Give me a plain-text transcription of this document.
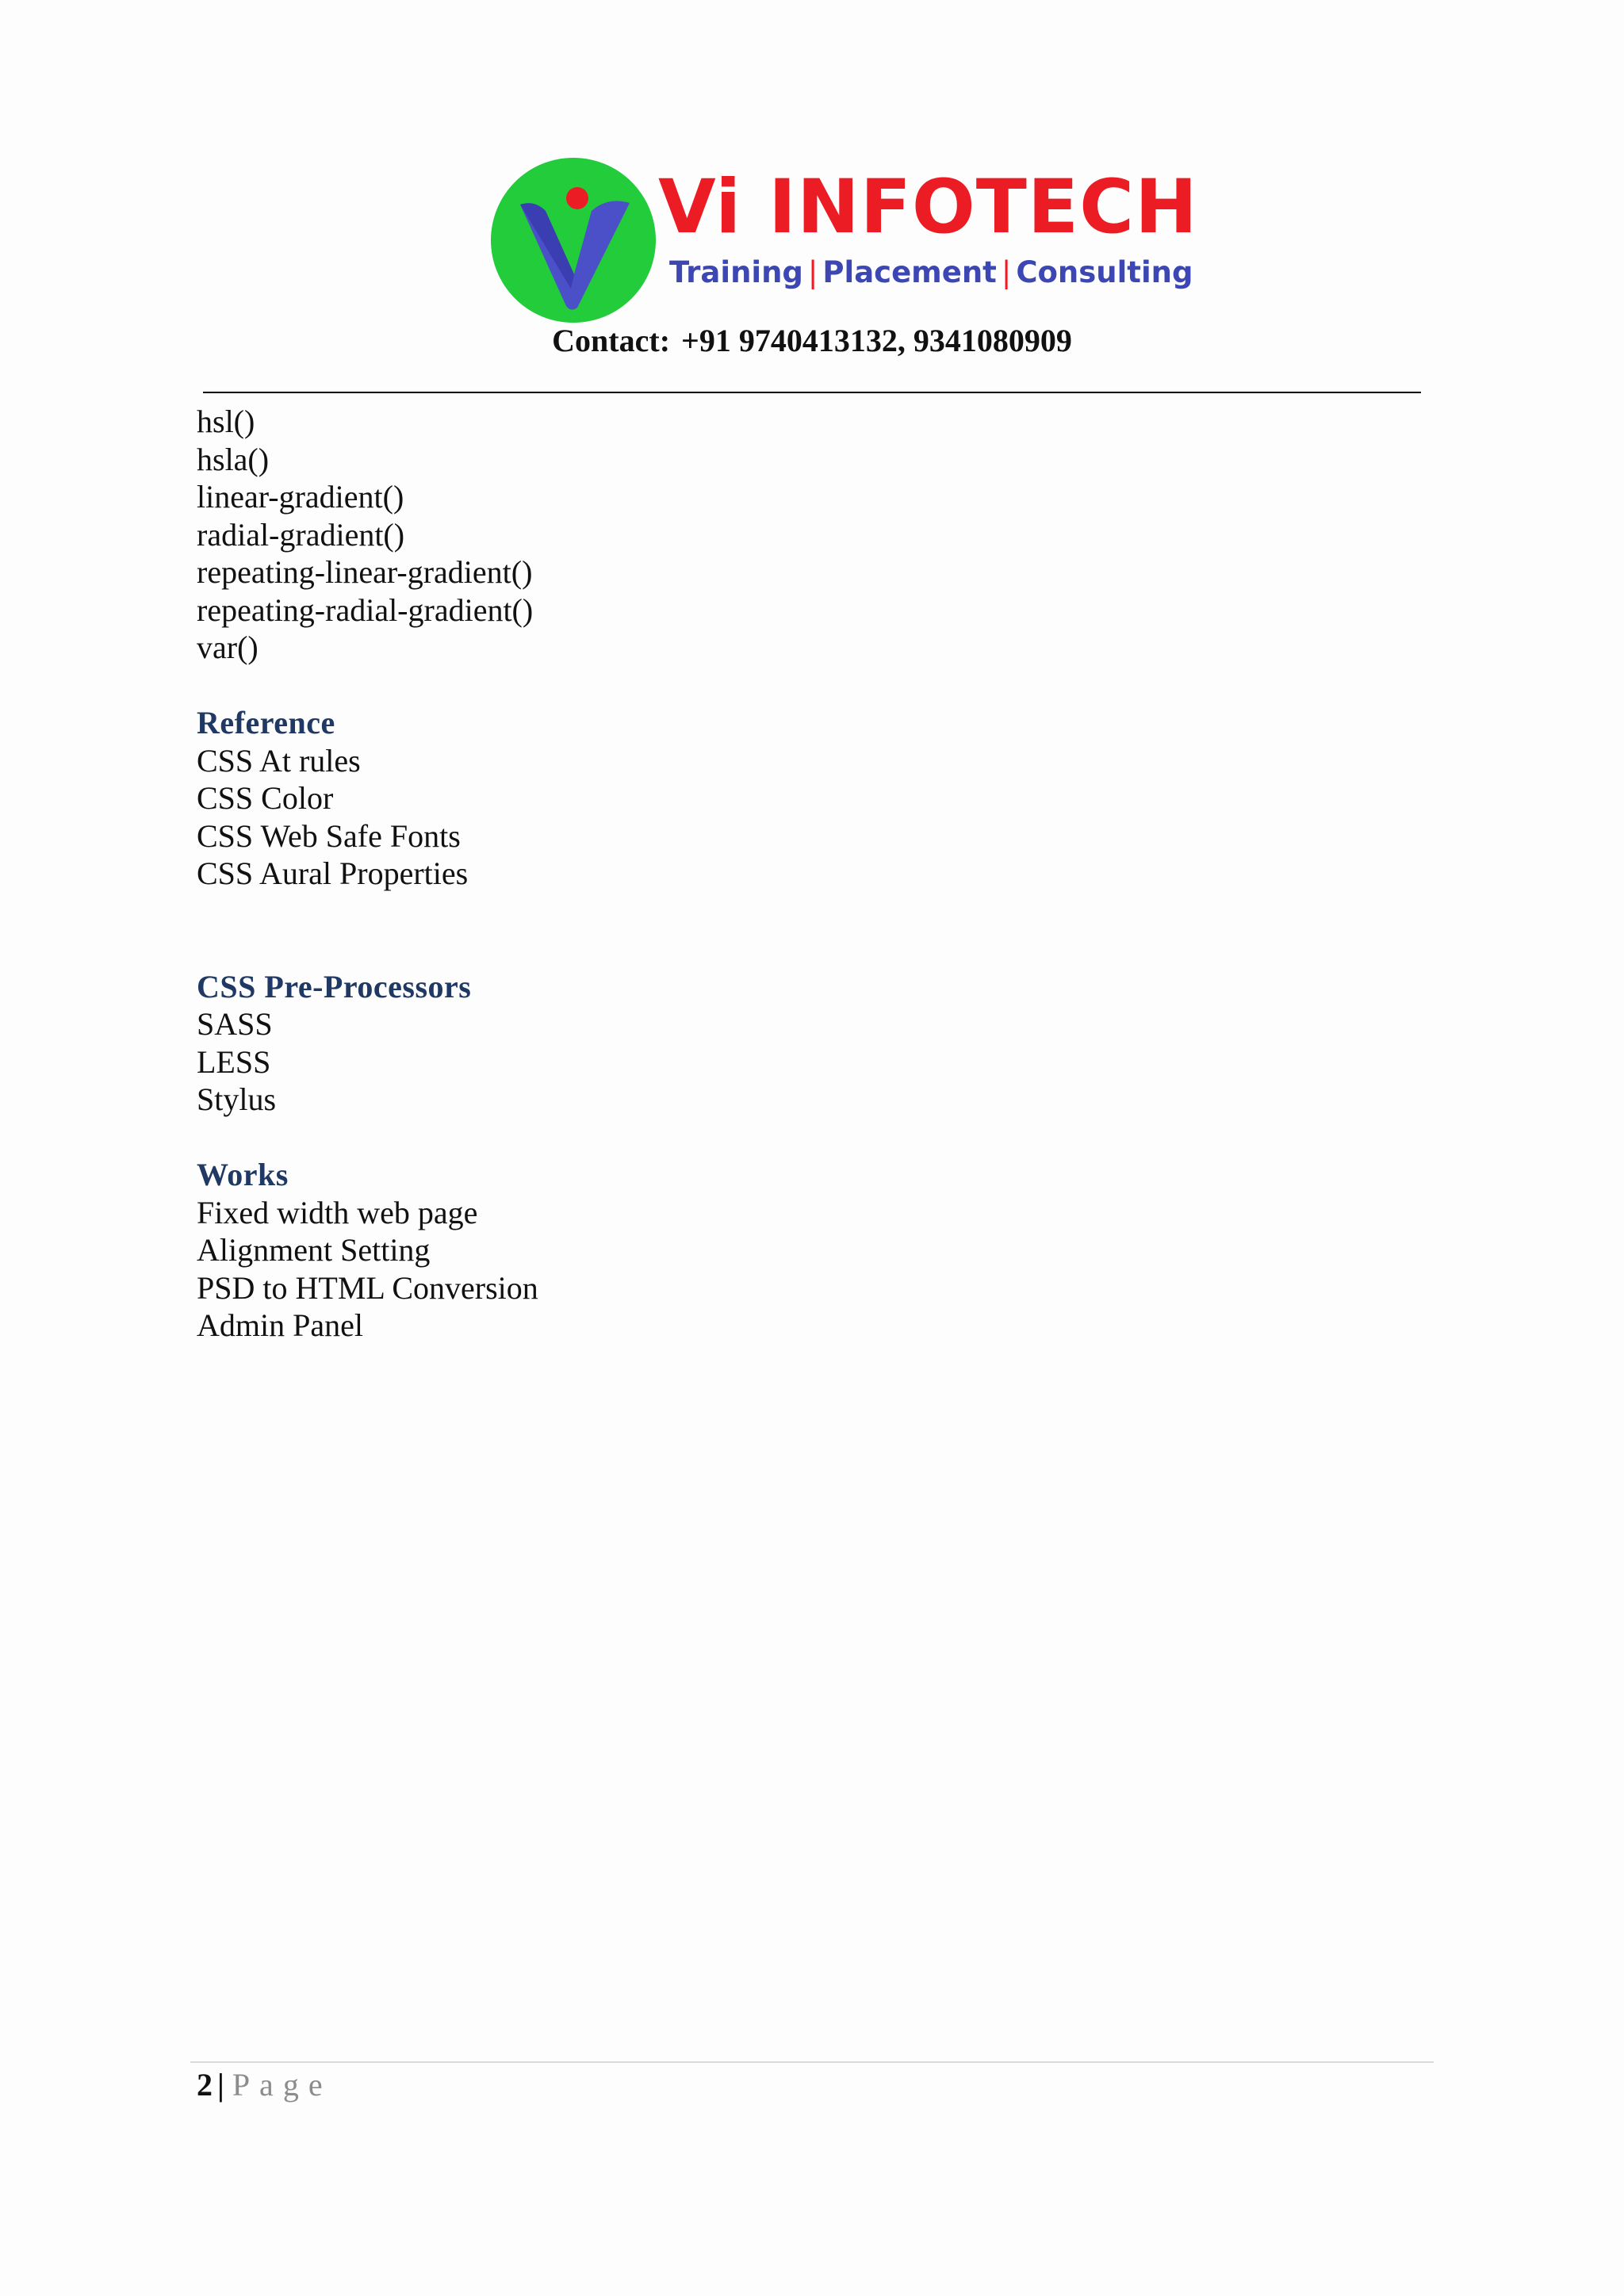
Vi INFOTECH
Training | Placement | Consulting
Contact: +91 9740413132, 9341080909
hsl()
hsla()
linear-gradient()
radial-gradient()
repeating-linear-gradient()
repeating-radial-gradient()
var()
Reference
CSS At rules
CSS Color
CSS Web Safe Fonts
CSS Aural Properties
CSS Pre-Processors
SASS
LESS
Stylus
Works
Fixed width web page
Alignment Setting
PSD to HTML Conversion
Admin Panel
2 | Page
